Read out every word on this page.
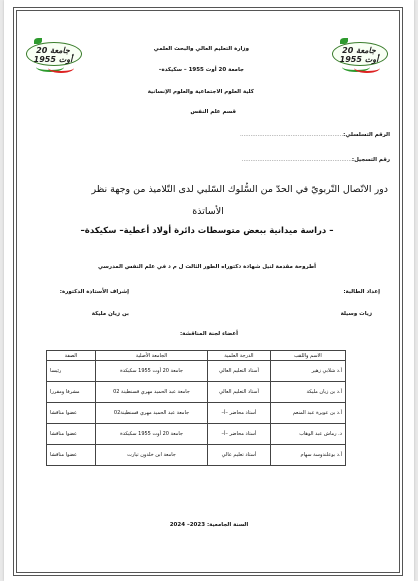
جامعة 20 أوت 1955
جامعة 20 أوت 1955
وزارة التعليم العالي والبحث العلمي
جامعة 20 أوت 1955 – سكيكدة–
كلية العلوم الاجتماعية والعلوم الإنسانية
قسم علم النفس
الرقم التسلسلي:...........................................................
رقم التسجيل:...............................................................
دور الاتّصال التّربويّ في الحدّ من السُّلوك السّلبي لدى التّلاميذ من وجهة نظر
الأساتذة
– دراسة ميدانية ببعض متوسطات دائرة أولاد أعطية– سكيكدة–
أطروحة مقدمة لنيل شهادة دكتوراه الطور الثالث ل م د في علم النفس المدرسي
إعداد الطالبة:
إشراف الأستاذة الدكتورة:
زيات وسيلة
بن زيان مليكة
أعضاء لجنة المناقشة:
الاسم واللقب	الدرجة العلمية	الجامعة الأصلية	الصفة
أ.د شلابي زهير	أستاذ التعليم العالي	جامعة 20 أوت 1955 سكيكدة	رئيسا
أ.د بن زيان مليكة	أستاذ التعليم العالي	جامعة عبد الحميد مهري قسنطينة 02	مشرفا ومقررا
أ.د بن عويرة عبد المنعم	أستاذ محاضر –أ–	جامعة عبد الحميد مهري قسنطينة02	عضوا مناقشا
د. رماش عبد الوهاب	أستاذ محاضر –أ–	جامعة 20 أوت 1955 سكيكدة	عضوا مناقشا
أ.د بوعلندوسة سهام	أستاذ تعليم عالي	جامعة ابن خلدون تيارت	عضوا مناقشا
السنة الجامعية: 2023– 2024
